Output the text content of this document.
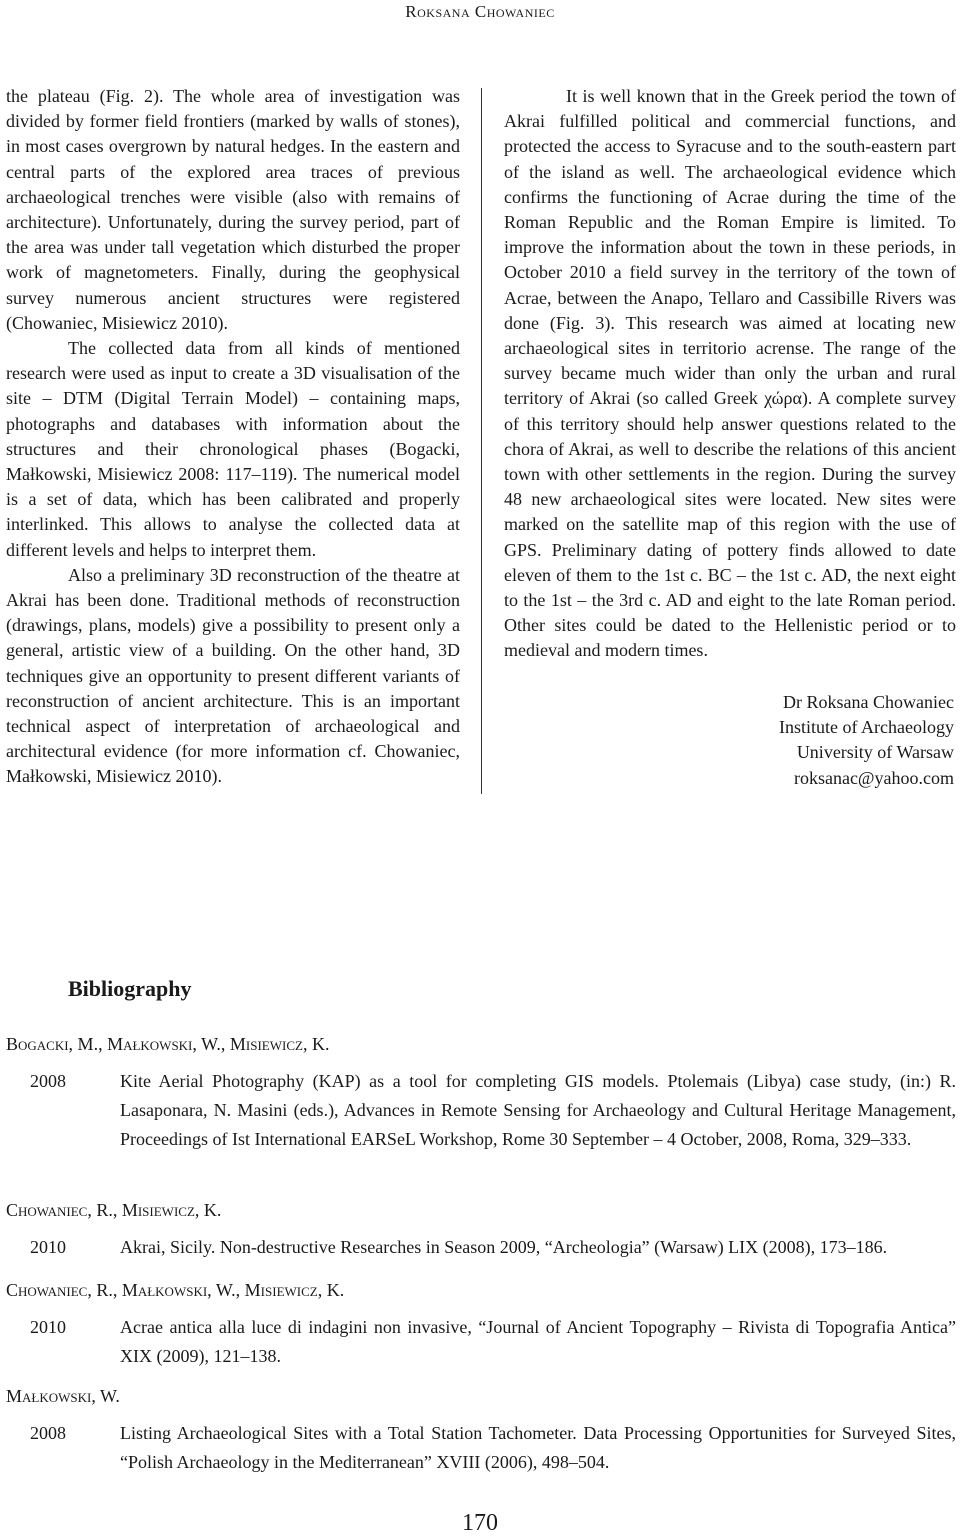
Roksana Chowaniec

the plateau (Fig. 2). The whole area of investigation was divided by former field frontiers (marked by walls of stones), in most cases overgrown by natural hedges. In the eastern and central parts of the explored area traces of previous archaeological trenches were visible (also with remains of architecture). Unfortunately, during the survey period, part of the area was under tall vegetation which disturbed the proper work of magnetometers. Finally, during the geophysical survey numerous ancient structures were registered (Chowaniec, Misiewicz 2010).

The collected data from all kinds of mentioned research were used as input to create a 3D visualisation of the site – DTM (Digital Terrain Model) – containing maps, photographs and databases with information about the structures and their chronological phases (Bogacki, Małkowski, Misiewicz 2008: 117–119). The numerical model is a set of data, which has been calibrated and properly interlinked. This allows to analyse the collected data at different levels and helps to interpret them.

Also a preliminary 3D reconstruction of the theatre at Akrai has been done. Traditional methods of reconstruction (drawings, plans, models) give a possibility to present only a general, artistic view of a building. On the other hand, 3D techniques give an opportunity to present different variants of reconstruction of ancient architecture. This is an important technical aspect of interpretation of archaeological and architectural evidence (for more information cf. Chowaniec, Małkowski, Misiewicz 2010).

It is well known that in the Greek period the town of Akrai fulfilled political and commercial functions, and protected the access to Syracuse and to the south-eastern part of the island as well. The archaeological evidence which confirms the functioning of Acrae during the time of the Roman Republic and the Roman Empire is limited. To improve the information about the town in these periods, in October 2010 a field survey in the territory of the town of Acrae, between the Anapo, Tellaro and Cassibille Rivers was done (Fig. 3). This research was aimed at locating new archaeological sites in territorio acrense. The range of the survey became much wider than only the urban and rural territory of Akrai (so called Greek χώρα). A complete survey of this territory should help answer questions related to the chora of Akrai, as well to describe the relations of this ancient town with other settlements in the region. During the survey 48 new archaeological sites were located. New sites were marked on the satellite map of this region with the use of GPS. Preliminary dating of pottery finds allowed to date eleven of them to the 1st c. BC – the 1st c. AD, the next eight to the 1st – the 3rd c. AD and eight to the late Roman period. Other sites could be dated to the Hellenistic period or to medieval and modern times.

Dr Roksana Chowaniec
Institute of Archaeology
University of Warsaw
roksanac@yahoo.com
Bibliography
Bogacki, M., Małkowski, W., Misiewicz, K.
2008	Kite Aerial Photography (KAP) as a tool for completing GIS models. Ptolemais (Libya) case study, (in:) R. Lasaponara, N. Masini (eds.), Advances in Remote Sensing for Archaeology and Cultural Heritage Management, Proceedings of Ist International EARSeL Workshop, Rome 30 September – 4 October, 2008, Roma, 329–333.
Chowaniec, R., Misiewicz, K.
2010	Akrai, Sicily. Non-destructive Researches in Season 2009, “Archeologia” (Warsaw) LIX (2008), 173–186.
Chowaniec, R., Małkowski, W., Misiewicz, K.
2010	Acrae antica alla luce di indagini non invasive, “Journal of Ancient Topography – Rivista di Topografia Antica” XIX (2009), 121–138.
Małkowski, W.
2008	Listing Archaeological Sites with a Total Station Tachometer. Data Processing Opportunities for Surveyed Sites, “Polish Archaeology in the Mediterranean” XVIII (2006), 498–504.
170
